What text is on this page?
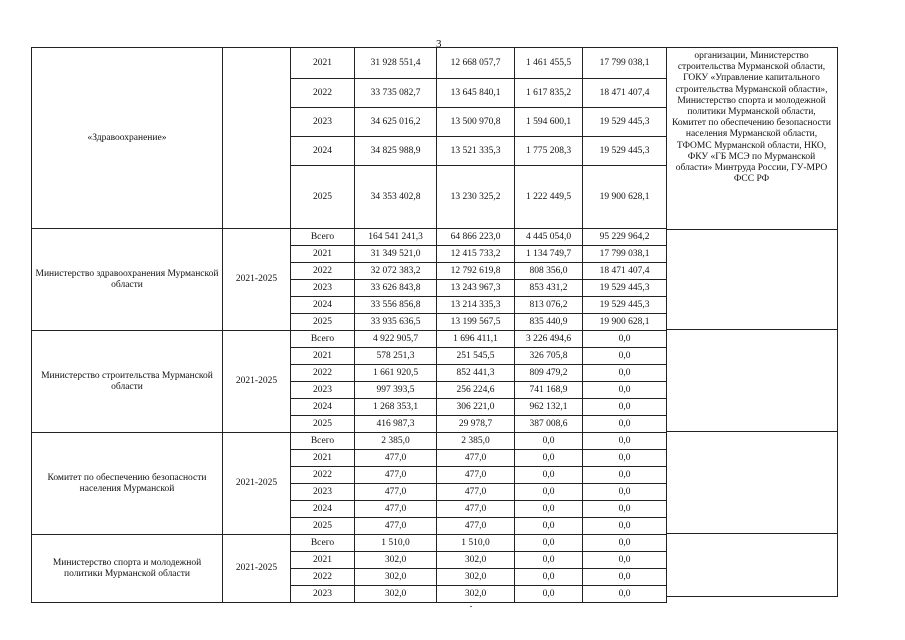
3
«Здравоохранение»		2021	31 928 551,4	12 668 057,7	1 461 455,5	17 799 038,1
		2022	33 735 082,7	13 645 840,1	1 617 835,2	18 471 407,4
		2023	34 625 016,2	13 500 970,8	1 594 600,1	19 529 445,3
		2024	34 825 988,9	13 521 335,3	1 775 208,3	19 529 445,3
		2025	34 353 402,8	13 230 325,2	1 222 449,5	19 900 628,1
Министерство здравоохранения Мурманской области	2021-2025	Всего	164 541 241,3	64 866 223,0	4 445 054,0	95 229 964,2
		2021	31 349 521,0	12 415 733,2	1 134 749,7	17 799 038,1
		2022	32 072 383,2	12 792 619,8	808 356,0	18 471 407,4
		2023	33 626 843,8	13 243 967,3	853 431,2	19 529 445,3
		2024	33 556 856,8	13 214 335,3	813 076,2	19 529 445,3
		2025	33 935 636,5	13 199 567,5	835 440,9	19 900 628,1
Министерство строительства Мурманской области	2021-2025	Всего	4 922 905,7	1 696 411,1	3 226 494,6	0,0
		2021	578 251,3	251 545,5	326 705,8	0,0
		2022	1 661 920,5	852 441,3	809 479,2	0,0
		2023	997 393,5	256 224,6	741 168,9	0,0
		2024	1 268 353,1	306 221,0	962 132,1	0,0
		2025	416 987,3	29 978,7	387 008,6	0,0
Комитет по обеспечению безопасности населения Мурманской	2021-2025	Всего	2 385,0	2 385,0	0,0	0,0
		2021	477,0	477,0	0,0	0,0
		2022	477,0	477,0	0,0	0,0
		2023	477,0	477,0	0,0	0,0
		2024	477,0	477,0	0,0	0,0
		2025	477,0	477,0	0,0	0,0
Министерство спорта и молодежной политики Мурманской области	2021-2025	Всего	1 510,0	1 510,0	0,0	0,0
		2021	302,0	302,0	0,0	0,0
		2022	302,0	302,0	0,0	0,0
		2023	302,0	302,0	0,0	0,0
организации, Министерство строительства Мурманской области, ГОКУ «Управление капитального строительства Мурманской области», Министерство спорта и молодежной политики Мурманской области, Комитет по обеспечению безопасности населения Мурманской области, ТФОМС Мурманской области, НКО, ФКУ «ГБ МСЭ по Мурманской области» Минтруда России, ГУ-МРО ФСС РФ
